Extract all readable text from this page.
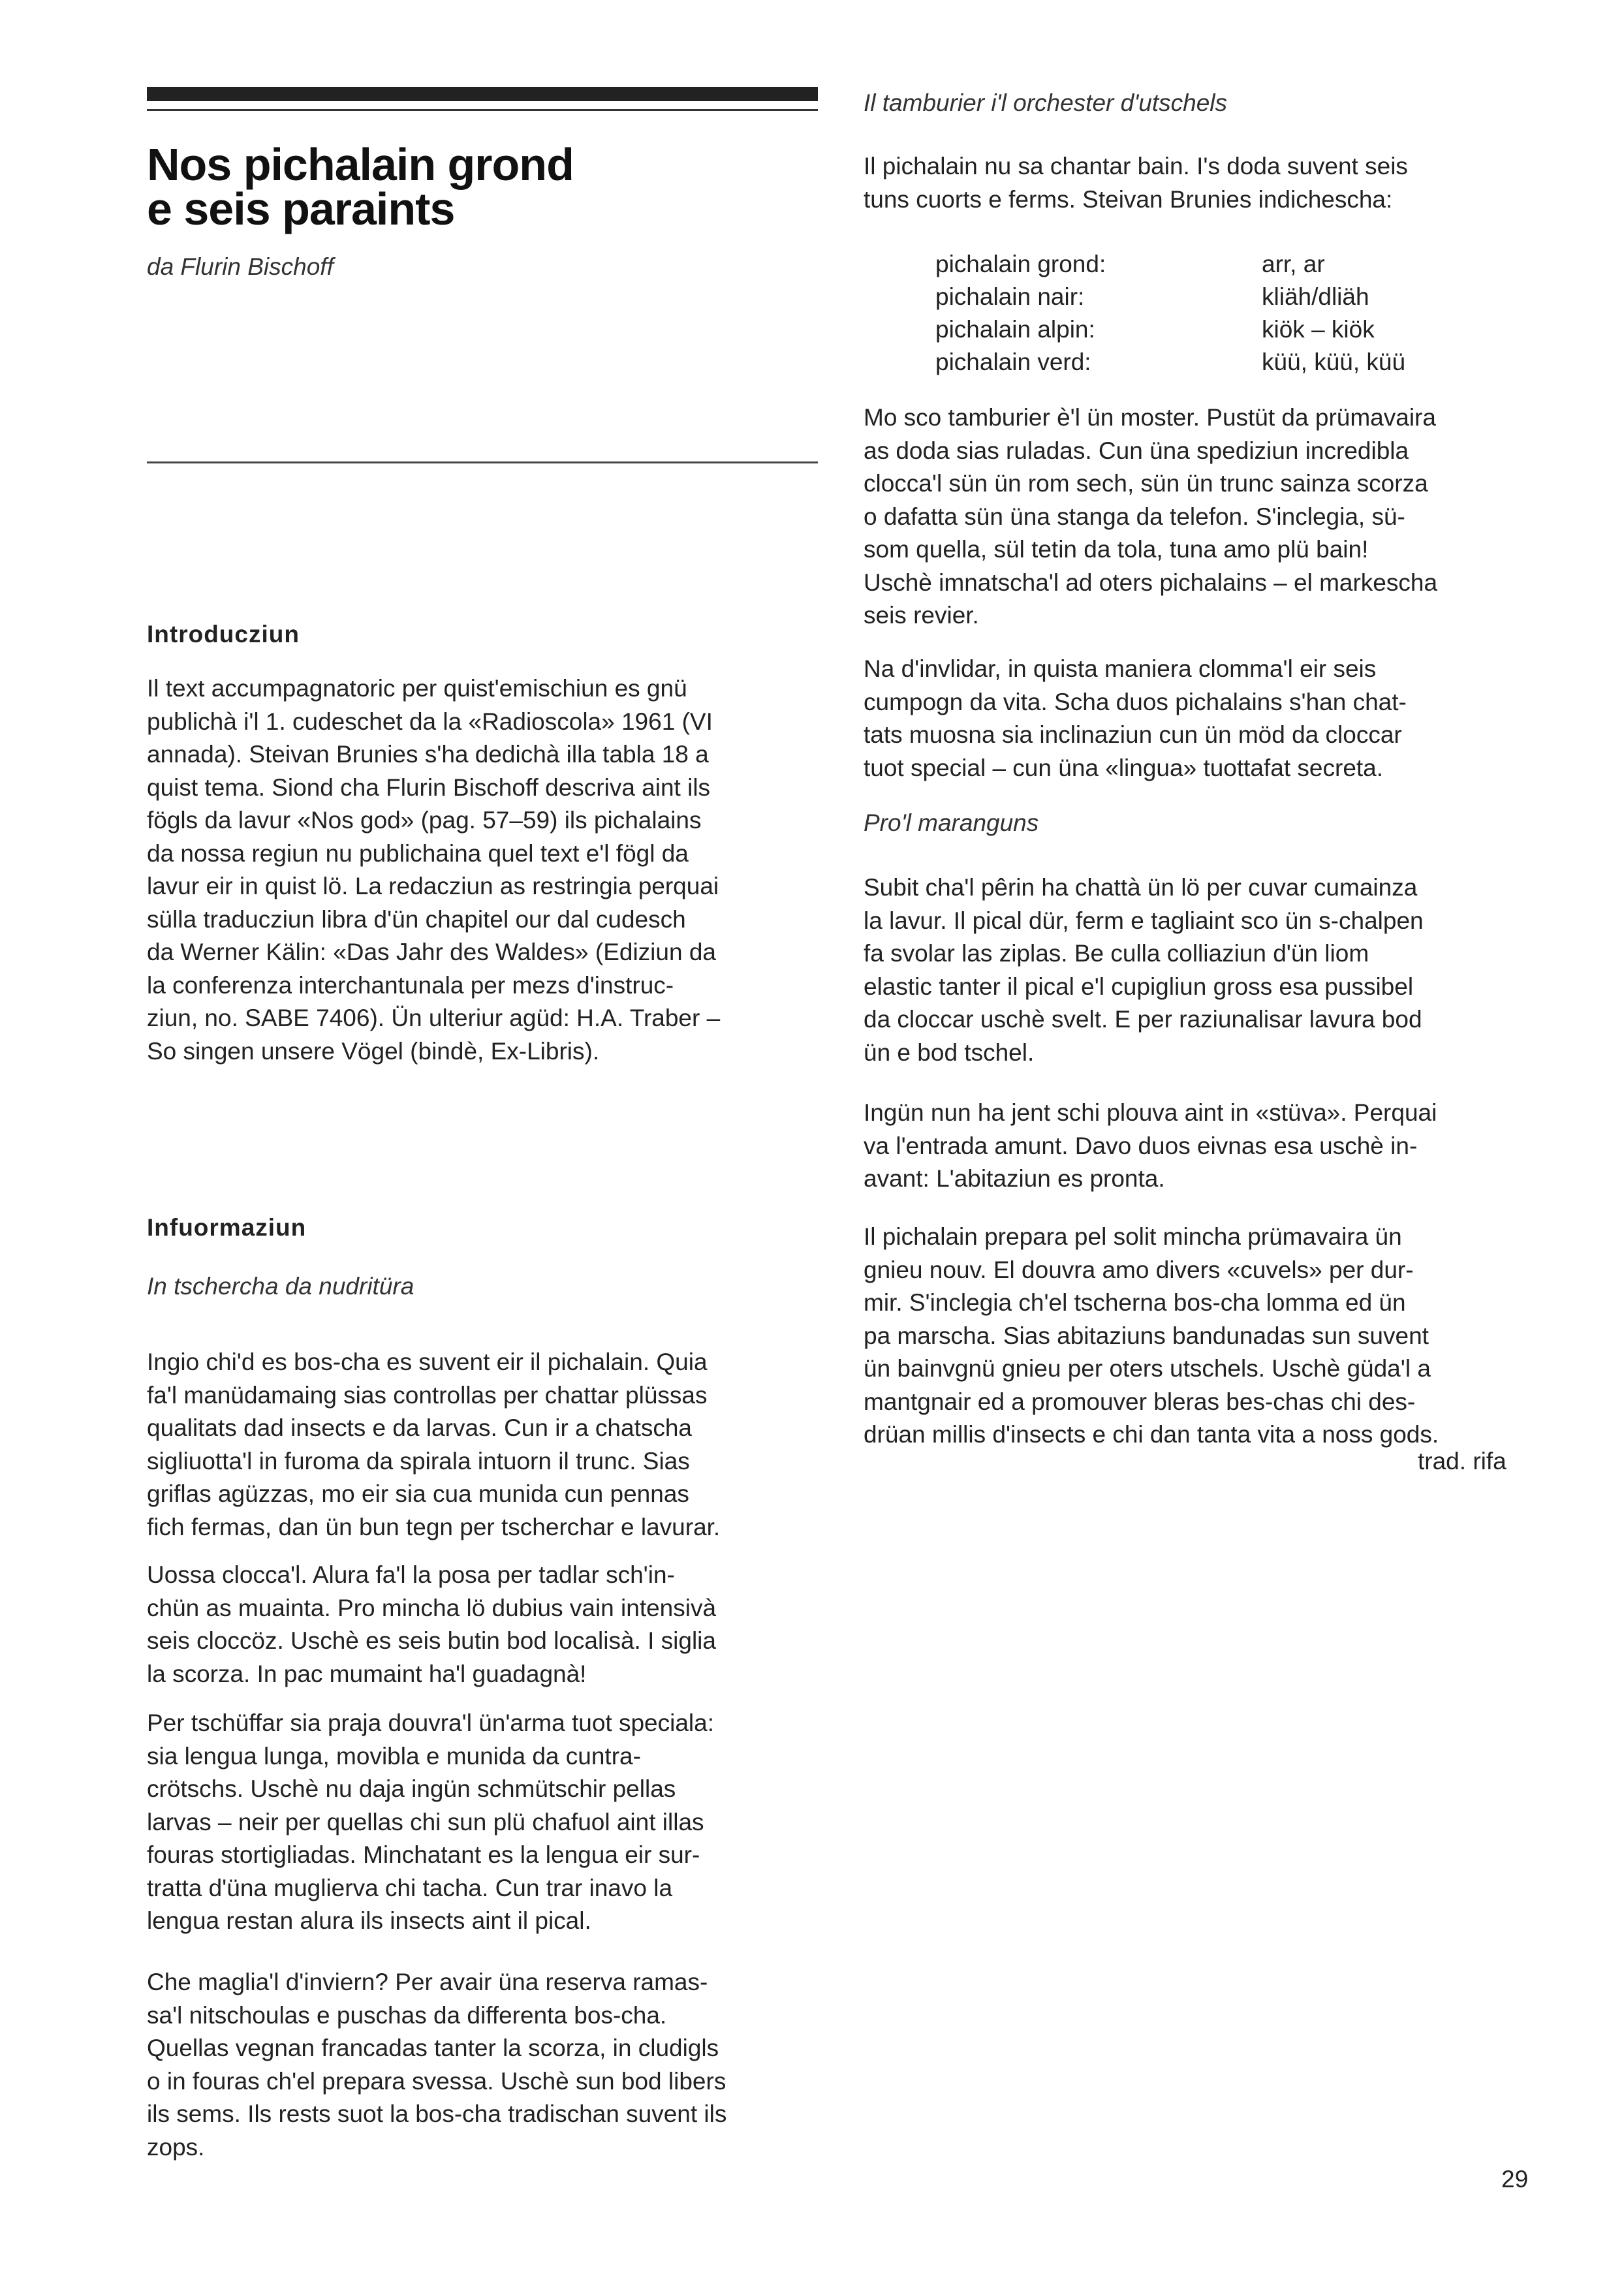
Nos pichalain grond
e seis paraints
da Flurin Bischoff
Introducziun
Il text accumpagnatoric per quist'emischiun es gnü
publichà i'l 1. cudeschet da la «Radioscola» 1961 (VI
annada). Steivan Brunies s'ha dedichà illa tabla 18 a
quist tema. Siond cha Flurin Bischoff descriva aint ils
fögls da lavur «Nos god» (pag. 57–59) ils pichalains
da nossa regiun nu publichaina quel text e'l fögl da
lavur eir in quist lö. La redacziun as restringia perquai
sülla traducziun libra d'ün chapitel our dal cudesch
da Werner Kälin: «Das Jahr des Waldes» (Ediziun da
la conferenza interchantunala per mezs d'instruc-
ziun, no. SABE 7406). Ün ulteriur agüd: H.A. Traber –
So singen unsere Vögel (bindè, Ex-Libris).
Infuormaziun
In tschercha da nudritüra
Ingio chi'd es bos-cha es suvent eir il pichalain. Quia
fa'l manüdamaing sias controllas per chattar plüssas
qualitats dad insects e da larvas. Cun ir a chatscha
sigliuotta'l in furoma da spirala intuorn il trunc. Sias
griflas agüzzas, mo eir sia cua munida cun pennas
fich fermas, dan ün bun tegn per tscherchar e lavurar.
Uossa clocca'l. Alura fa'l la posa per tadlar sch'in-
chün as muainta. Pro mincha lö dubius vain intensivà
seis cloccöz. Uschè es seis butin bod localisà. I siglia
la scorza. In pac mumaint ha'l guadagnà!
Per tschüffar sia praja douvra'l ün'arma tuot speciala:
sia lengua lunga, movibla e munida da cuntra-
crötschs. Uschè nu daja ingün schmütschir pellas
larvas – neir per quellas chi sun plü chafuol aint illas
fouras stortigliadas. Minchatant es la lengua eir sur-
tratta d'üna muglierva chi tacha. Cun trar inavo la
lengua restan alura ils insects aint il pical.
Che maglia'l d'inviern? Per avair üna reserva ramas-
sa'l nitschoulas e puschas da differenta bos-cha.
Quellas vegnan francadas tanter la scorza, in cludigls
o in fouras ch'el prepara svessa. Uschè sun bod libers
ils sems. Ils rests suot la bos-cha tradischan suvent ils
zops.
Il tamburier i'l orchester d'utschels
Il pichalain nu sa chantar bain. I's doda suvent seis
tuns cuorts e ferms. Steivan Brunies indichescha:
pichalain grond:	arr, ar
pichalain nair:	kliäh/dliäh
pichalain alpin:	kiök – kiök
pichalain verd:	küü, küü, küü
Mo sco tamburier è'l ün moster. Pustüt da prümavaira
as doda sias ruladas. Cun üna spediziun incredibla
clocca'l sün ün rom sech, sün ün trunc sainza scorza
o dafatta sün üna stanga da telefon. S'inclegia, sü-
som quella, sül tetin da tola, tuna amo plü bain!
Uschè imnatscha'l ad oters pichalains – el markescha
seis revier.
Na d'invlidar, in quista maniera clomma'l eir seis
cumpogn da vita. Scha duos pichalains s'han chat-
tats muosna sia inclinaziun cun ün möd da cloccar
tuot special – cun üna «lingua» tuottafat secreta.
Pro'l maranguns
Subit cha'l pêrin ha chattà ün lö per cuvar cumainza
la lavur. Il pical dür, ferm e tagliaint sco ün s-chalpen
fa svolar las ziplas. Be culla colliaziun d'ün liom
elastic tanter il pical e'l cupigliun gross esa pussibel
da cloccar uschè svelt. E per raziunalisar lavura bod
ün e bod tschel.
Ingün nun ha jent schi plouva aint in «stüva». Perquai
va l'entrada amunt. Davo duos eivnas esa uschè in-
avant: L'abitaziun es pronta.
Il pichalain prepara pel solit mincha prümavaira ün
gnieu nouv. El douvra amo divers «cuvels» per dur-
mir. S'inclegia ch'el tscherna bos-cha lomma ed ün
pa marscha. Sias abitaziuns bandunadas sun suvent
ün bainvgnü gnieu per oters utschels. Uschè güda'l a
mantgnair ed a promouver bleras bes-chas chi des-
drüan millis d'insects e chi dan tanta vita a noss gods.
trad. rifa
29
